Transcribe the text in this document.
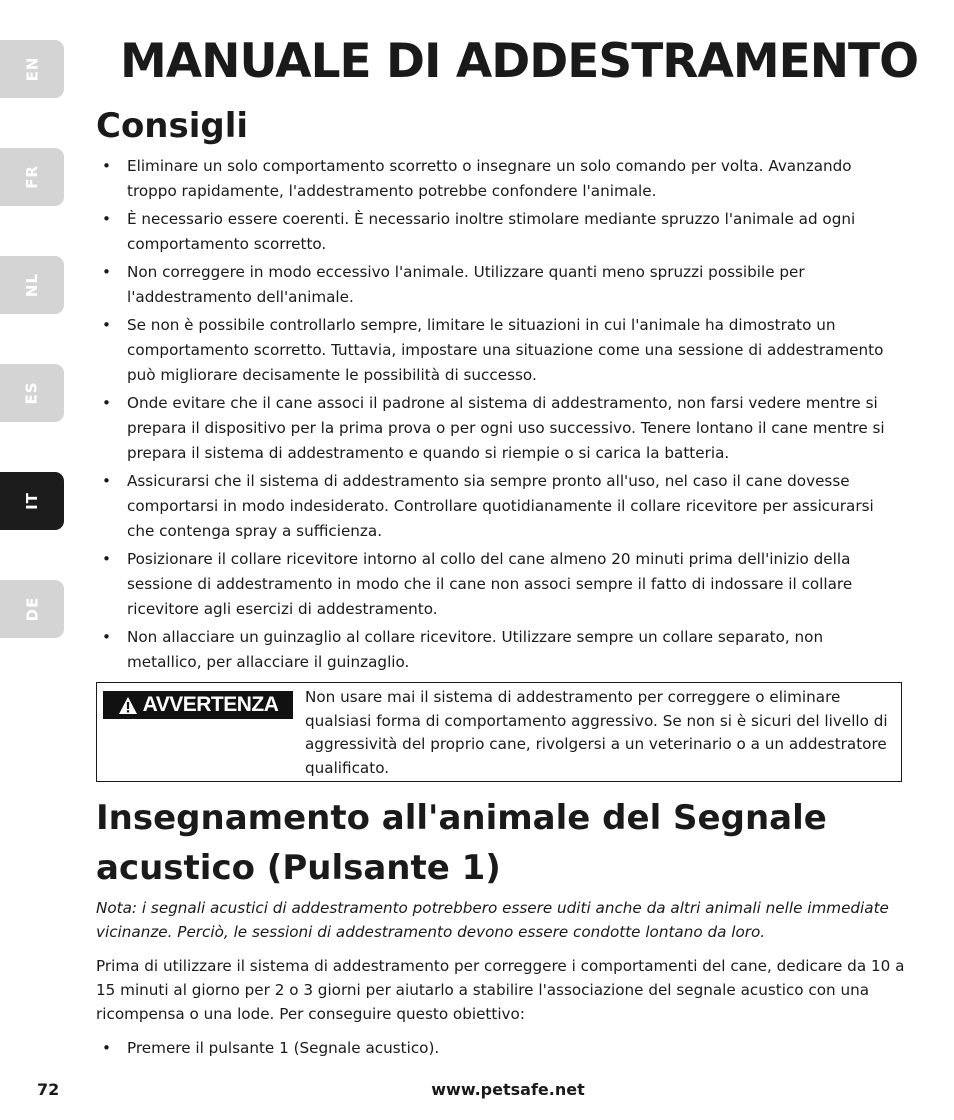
EN
FR
NL
ES
IT
DE
MANUALE DI ADDESTRAMENTO
Consigli
• Eliminare un solo comportamento scorretto o insegnare un solo comando per volta. Avanzando troppo rapidamente, l'addestramento potrebbe confondere l'animale.
• È necessario essere coerenti. È necessario inoltre stimolare mediante spruzzo l'animale ad ogni comportamento scorretto.
• Non correggere in modo eccessivo l'animale. Utilizzare quanti meno spruzzi possibile per l'addestramento dell'animale.
• Se non è possibile controllarlo sempre, limitare le situazioni in cui l'animale ha dimostrato un comportamento scorretto. Tuttavia, impostare una situazione come una sessione di addestramento può migliorare decisamente le possibilità di successo.
• Onde evitare che il cane associ il padrone al sistema di addestramento, non farsi vedere mentre si prepara il dispositivo per la prima prova o per ogni uso successivo. Tenere lontano il cane mentre si prepara il sistema di addestramento e quando si riempie o si carica la batteria.
• Assicurarsi che il sistema di addestramento sia sempre pronto all'uso, nel caso il cane dovesse comportarsi in modo indesiderato. Controllare quotidianamente il collare ricevitore per assicurarsi che contenga spray a sufficienza.
• Posizionare il collare ricevitore intorno al collo del cane almeno 20 minuti prima dell'inizio della sessione di addestramento in modo che il cane non associ sempre il fatto di indossare il collare ricevitore agli esercizi di addestramento.
• Non allacciare un guinzaglio al collare ricevitore. Utilizzare sempre un collare separato, non metallico, per allacciare il guinzaglio.
AVVERTENZA Non usare mai il sistema di addestramento per correggere o eliminare qualsiasi forma di comportamento aggressivo. Se non si è sicuri del livello di aggressività del proprio cane, rivolgersi a un veterinario o a un addestratore qualificato.
Insegnamento all'animale del Segnale
acustico (Pulsante 1)

Nota: i segnali acustici di addestramento potrebbero essere uditi anche da altri animali nelle immediate vicinanze. Perciò, le sessioni di addestramento devono essere condotte lontano da loro.

Prima di utilizzare il sistema di addestramento per correggere i comportamenti del cane, dedicare da 10 a 15 minuti al giorno per 2 o 3 giorni per aiutarlo a stabilire l'associazione del segnale acustico con una ricompensa o una lode. Per conseguire questo obiettivo:

• Premere il pulsante 1 (Segnale acustico).
72	www.petsafe.net
